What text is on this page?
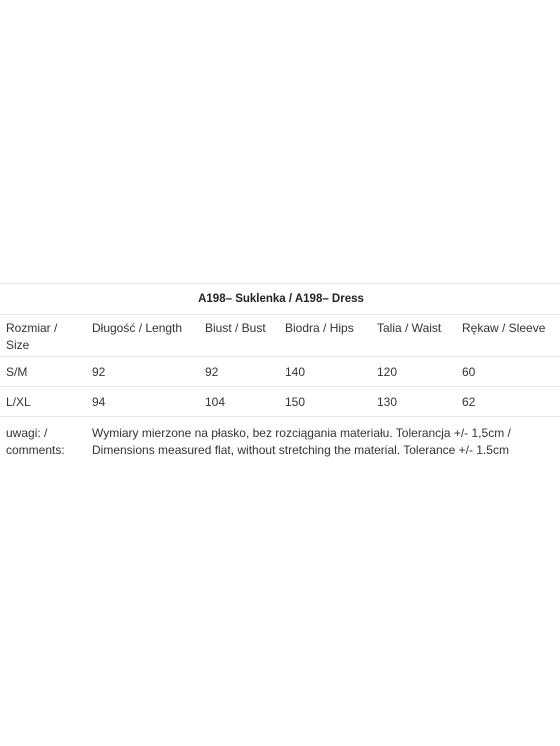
A198– Suklenka / A198– Dress					
Rozmiar / Size	Długość / Length	Biust / Bust	Biodra / Hips	Talia / Waist	Rękaw / Sleeve
S/M	92	92	140	120	60
L/XL	94	104	150	130	62
uwagi: / comments:	Wymiary mierzone na płasko, bez rozciągania materiału. Tolerancja +/- 1,5cm / Dimensions measured flat, without stretching the material. Tolerance +/- 1.5cm				
